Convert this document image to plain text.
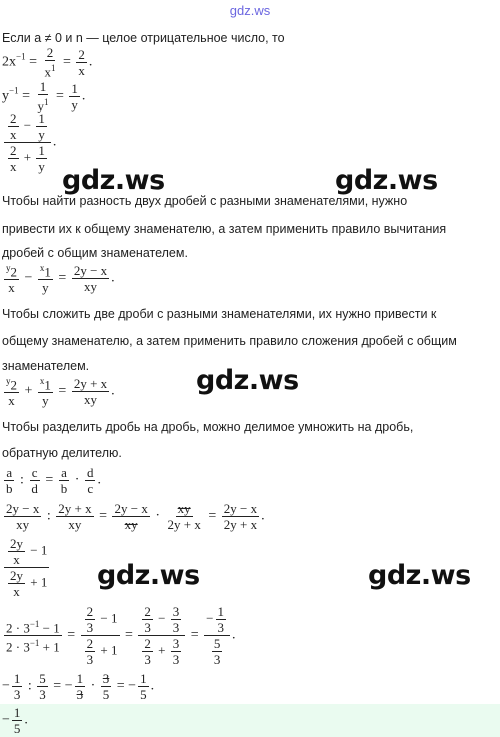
gdz.ws
Если a ≠ 0 и n — целое отрицательное число, то
$2x^{-1} = \frac{2}{x^1} = \frac{2}{x}$ .
$y^{-1} = \frac{1}{y^1} = \frac{1}{y}$ .
$\frac{\frac{2}{x} - \frac{1}{y}}{\frac{2}{x} + \frac{1}{y}}$ .
gdz.ws	gdz.ws
Чтобы найти разность двух дробей с разными знаменателями, нужно
привести их к общему знаменателю, а затем применить правило вычитания
дробей с общим знаменателем.
$\frac{^y2}{x} - \frac{^x1}{y} = \frac{2y - x}{xy}$ .
Чтобы сложить две дроби с разными знаменателями, их нужно привести к
общему знаменателю, а затем применить правило сложения дробей с общим
знаменателем.
$\frac{^y2}{x} + \frac{^x1}{y} = \frac{2y + x}{xy}$ .	gdz.ws
Чтобы разделить дробь на дробь, можно делимое умножить на дробь,
обратную делителю.
$\frac{a}{b}$ : $\frac{c}{d} = \frac{a}{b} \cdot \frac{d}{c}$ .
$\frac{2y - x}{xy}$ : $\frac{2y + x}{xy} = \frac{2y - x}{xy} \cdot \frac{xy}{2y + x} = \frac{2y - x}{2y + x}$ .
$\frac{\frac{2y}{x} - 1}{\frac{2y}{x} + 1} gdz.ws$	gdz.ws
$\frac{2 \cdot 3^{-1} - 1}{2 \cdot 3^{-1} + 1} = \frac{\frac{2}{3} - 1}{\frac{2}{3} + 1} = \frac{\frac{2}{3} - \frac{3}{3}}{\frac{2}{3} + \frac{3}{3}} = \frac{- \frac{1}{3}}{\frac{5}{3}}$ .
− $\frac{1}{3}$ : $\frac{5}{3}$ = − $\frac{1}{3} \cdot \frac{3}{5}$ = − $\frac{1}{5}$ .
− $\frac{1}{5}$ .
